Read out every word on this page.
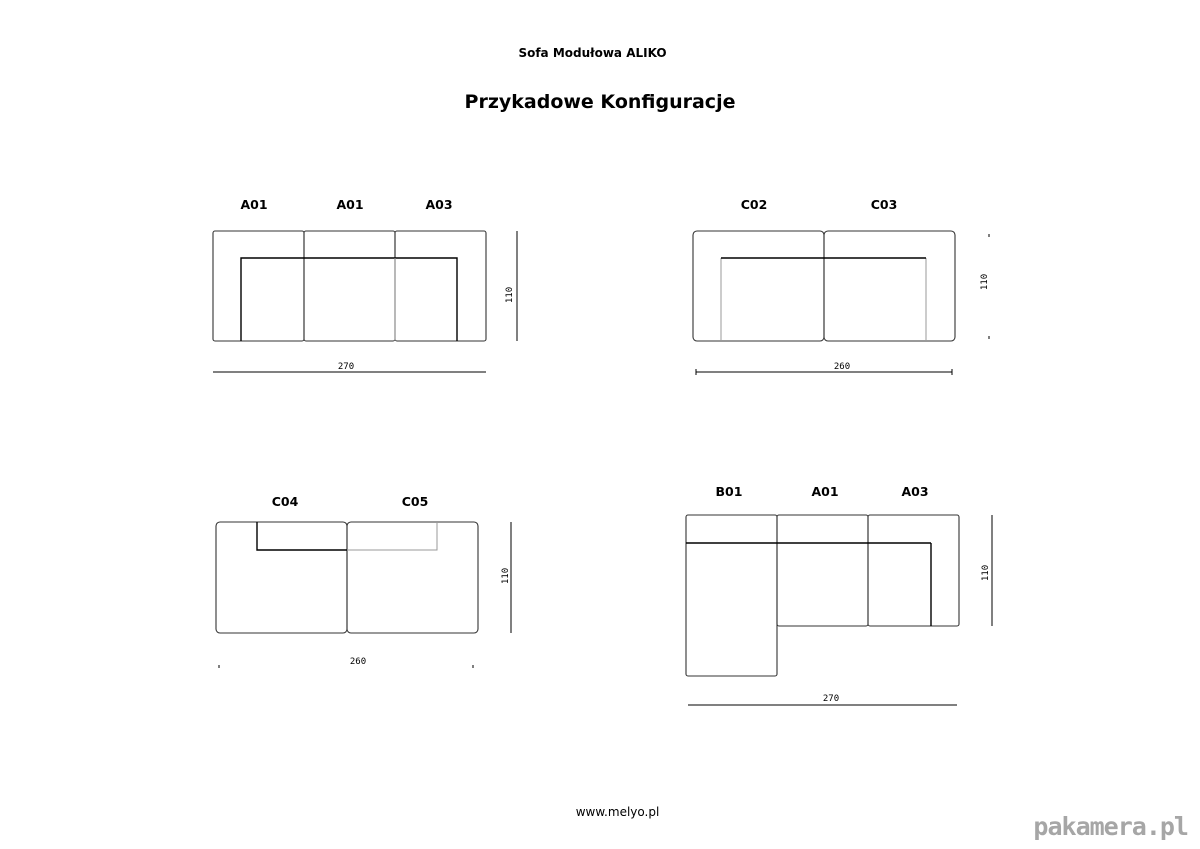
Sofa Modułowa ALIKO
Przykadowe Konfiguracje
A01	A01	A03
270
110
C02	C03
260
110
C04	C05
260
110
B01	A01	A03
270
110
www.melyo.pl	pakamera.pl
